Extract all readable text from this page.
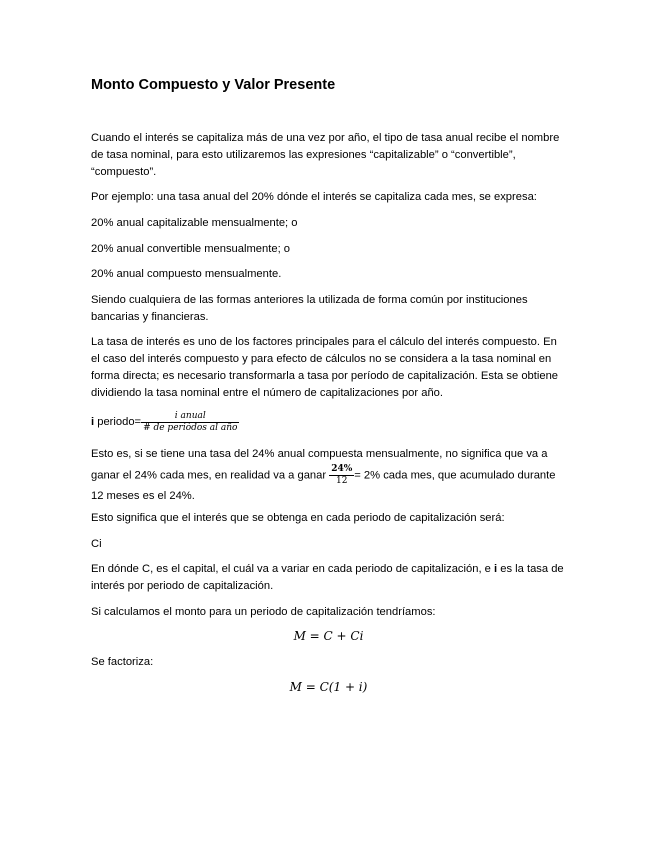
Monto Compuesto y Valor Presente

Cuando el interés se capitaliza más de una vez por año, el tipo de tasa anual recibe el nombre de tasa nominal, para esto utilizaremos las expresiones “capitalizable” o “convertible”, “compuesto”.

Por ejemplo: una tasa anual del 20% dónde el interés se capitaliza cada mes, se expresa:

20% anual capitalizable mensualmente; o

20% anual convertible mensualmente; o

20% anual compuesto mensualmente.

Siendo cualquiera de las formas anteriores la utilizada de forma común por instituciones bancarias y financieras.

La tasa de interés es uno de los factores principales para el cálculo del interés compuesto. En el caso del interés compuesto y para efecto de cálculos no se considera a la tasa nominal en forma directa; es necesario transformarla a tasa por período de capitalización. Esta se obtiene dividiendo la tasa nominal entre el número de capitalizaciones por año.

i periodo= $\frac{\text{i anual}}{\text{\# de periódos al año}}$

Esto es, si se tiene una tasa del 24% anual compuesta mensualmente, no significa que va a ganar el 24% cada mes, en realidad va a ganar $\frac{24\%}{12} = 2\%$ cada mes, que acumulado durante 12 meses es el 24%.

Esto significa que el interés que se obtenga en cada periodo de capitalización será:

Ci

En dónde C, es el capital, el cuál va a variar en cada periodo de capitalización, e i es la tasa de interés por periodo de capitalización.

Si calculamos el monto para un periodo de capitalización tendríamos:

M = C + Ci

Se factoriza:

M = C(1 + i)
